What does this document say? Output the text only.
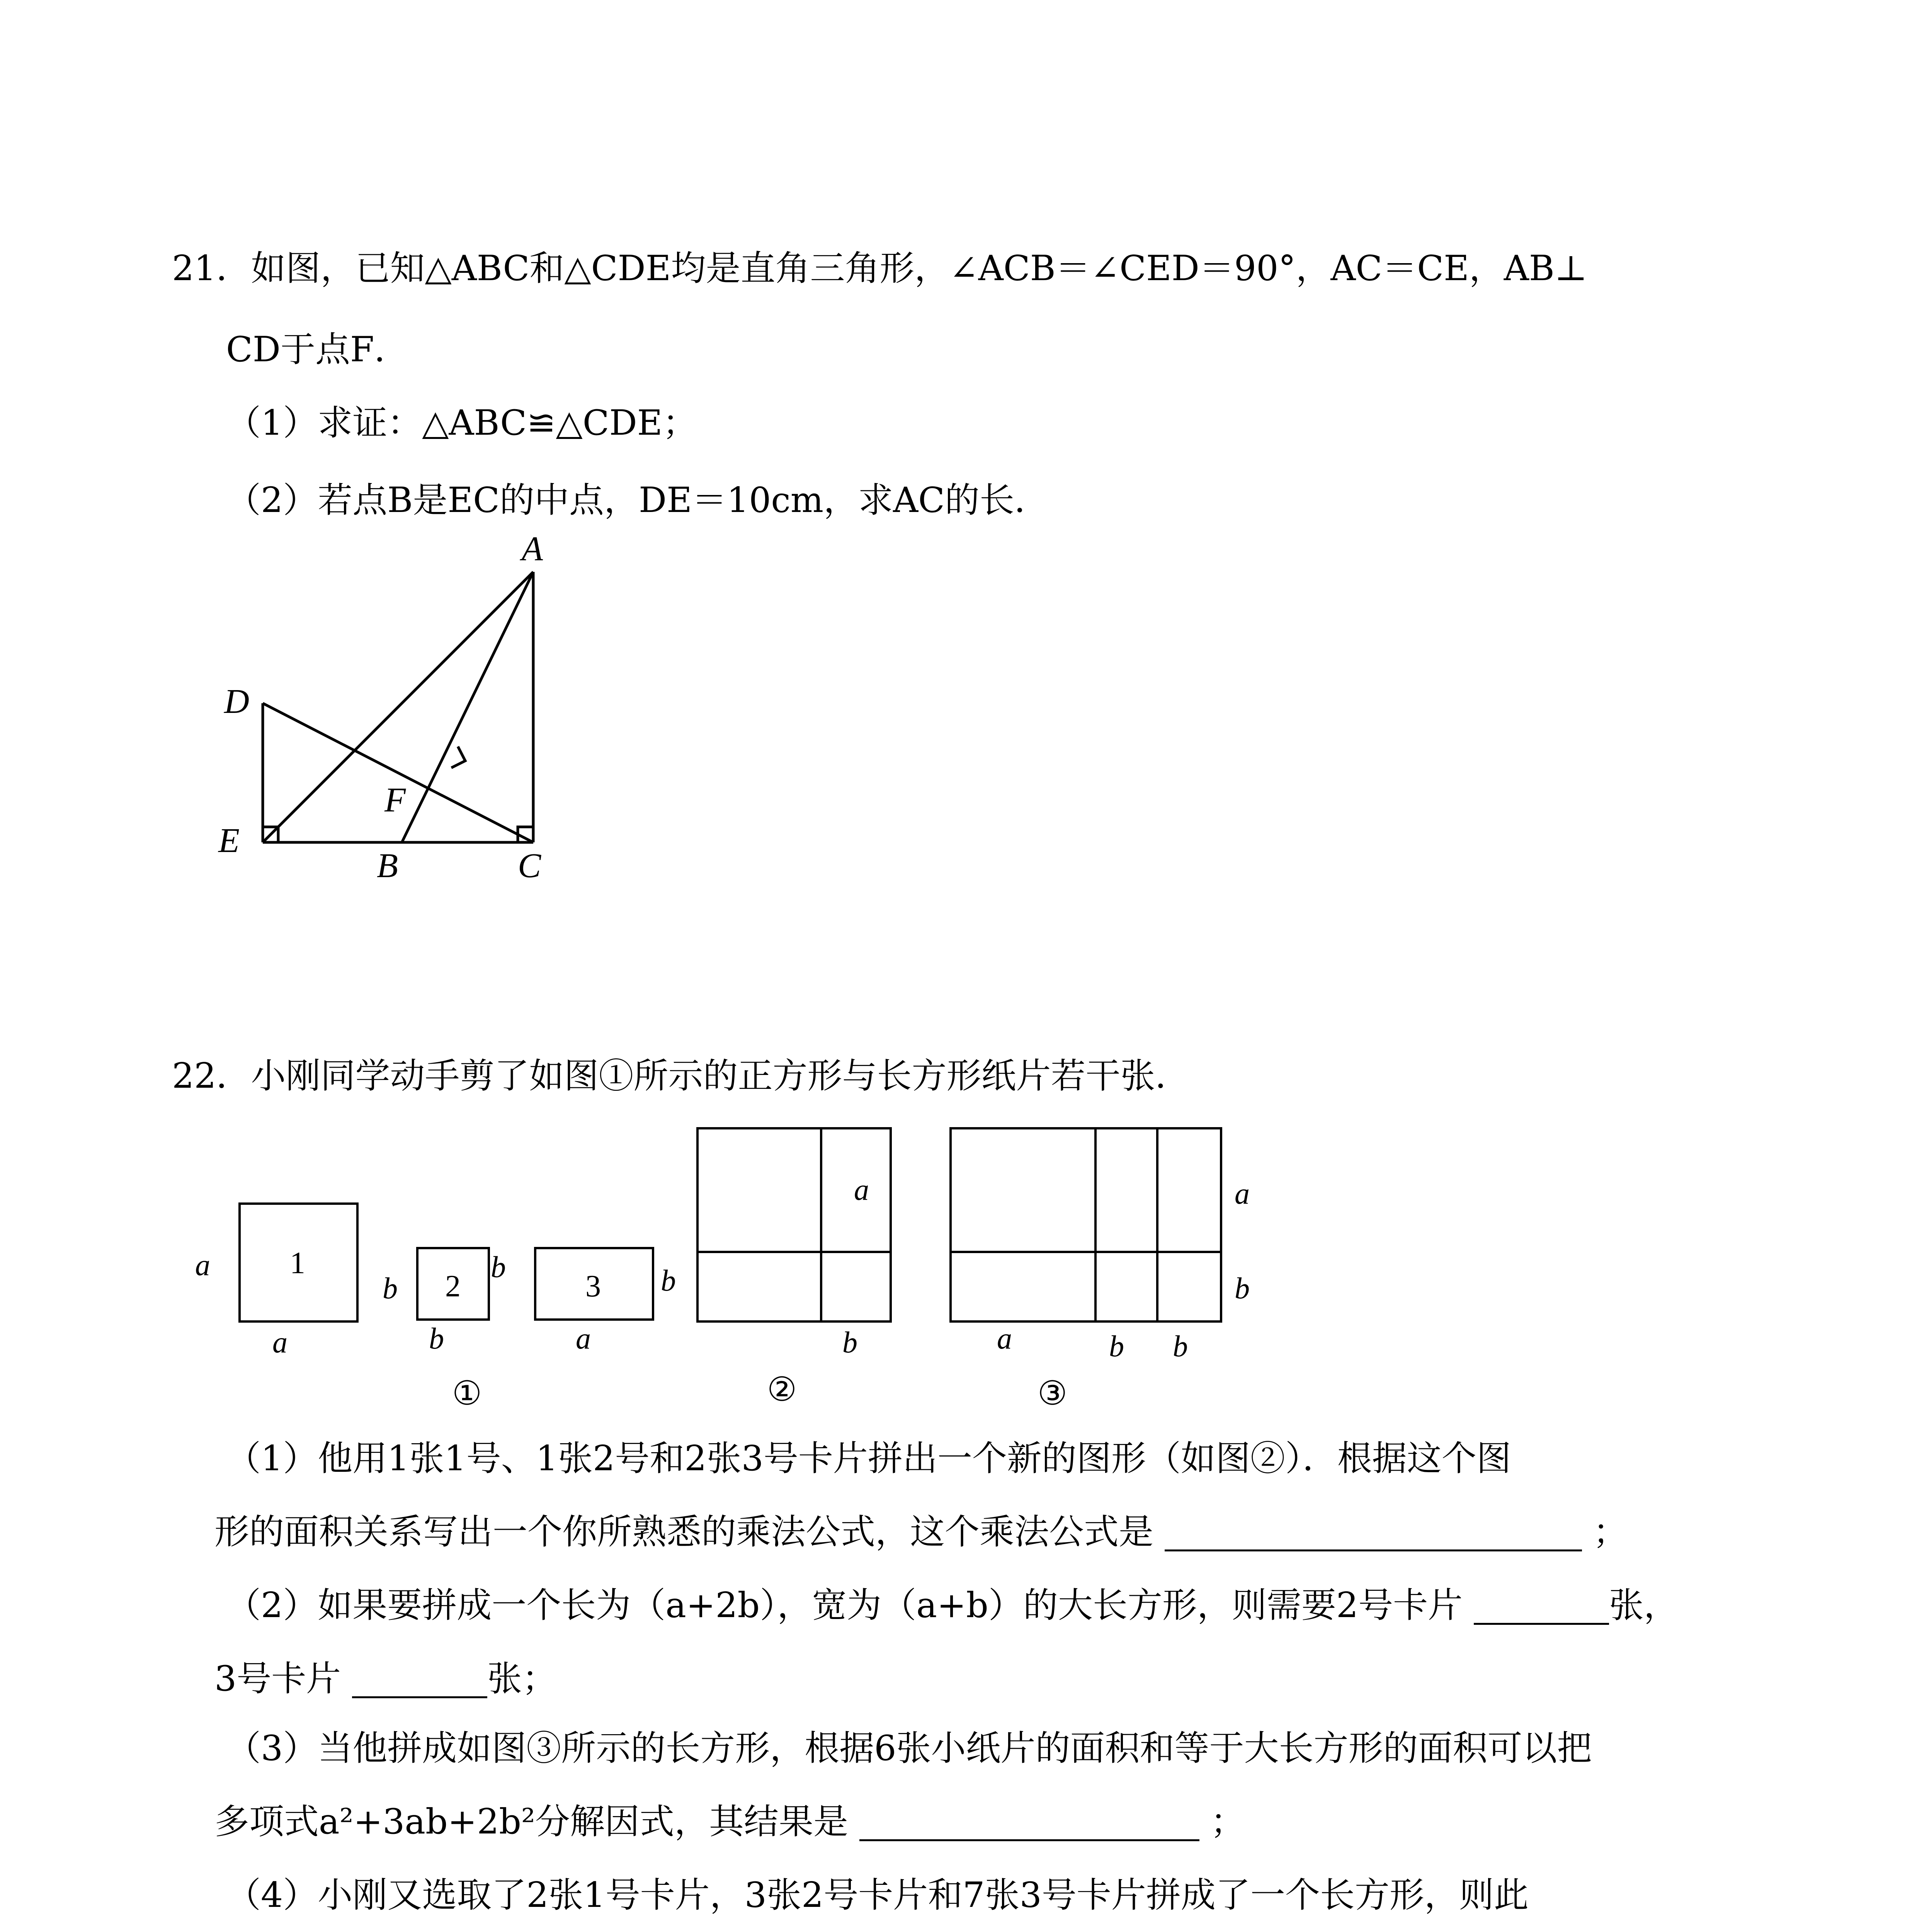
21．如图，已知△ABC和△CDE均是直角三角形，∠ACB＝∠CED＝90°，AC＝CE，AB⊥
CD于点F．
（1）求证：△ABC≌△CDE；
（2）若点B是EC的中点，DE＝10cm，求AC的长．
A
D
E
F
B	C
22．小刚同学动手剪了如图①所示的正方形与长方形纸片若干张．
1
2	3
a
a
b
b
b	a
b
a
b
a
b
a	b b
①	②	③
（1）他用1张1号、1张2号和2张3号卡片拼出一个新的图形（如图②）．根据这个图
形的面积关系写出一个你所熟悉的乘法公式，这个乘法公式是	；
（2）如果要拼成一个长为（a+2b），宽为（a+b）的大长方形，则需要2号卡片	张，
3号卡片	张；
（3）当他拼成如图③所示的长方形，根据6张小纸片的面积和等于大长方形的面积可以把
多项式a²+3ab+2b²分解因式，其结果是	；
（4）小刚又选取了2张1号卡片，3张2号卡片和7张3号卡片拼成了一个长方形，则此
